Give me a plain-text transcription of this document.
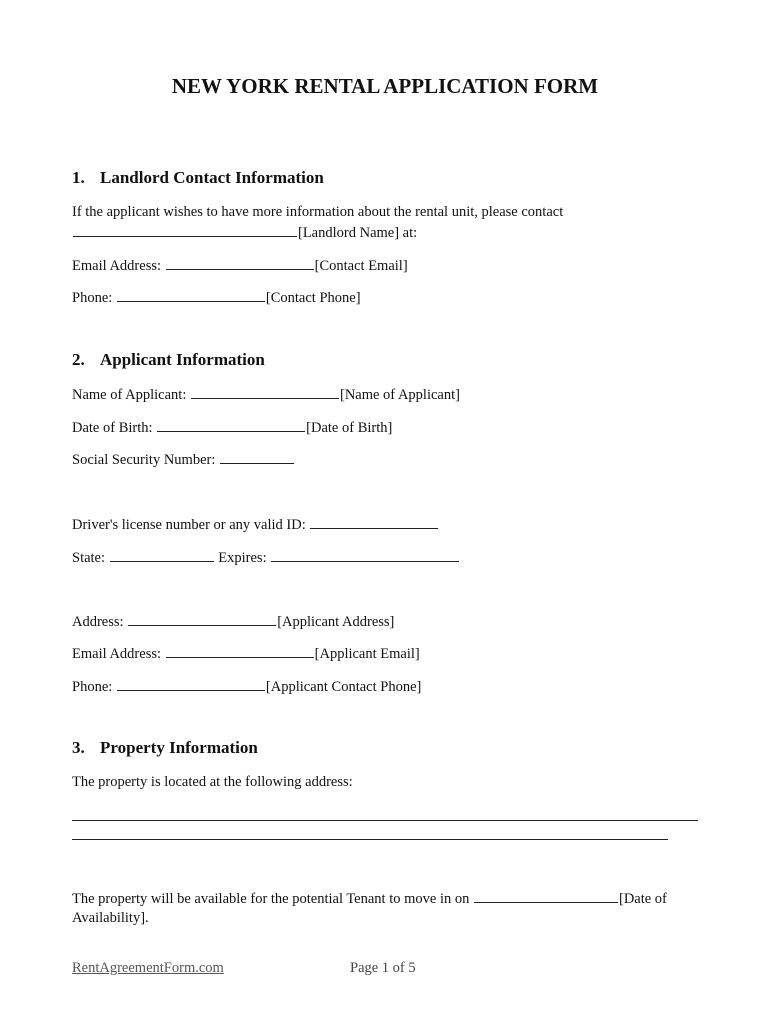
NEW YORK RENTAL APPLICATION FORM
1. Landlord Contact Information
If the applicant wishes to have more information about the rental unit, please contact
[Landlord Name] at:
Email Address:	[Contact Email]
Phone:	[Contact Phone]
2. Applicant Information
Name of Applicant:	[Name of Applicant]
Date of Birth:	[Date of Birth]
Social Security Number:
Driver's license number or any valid ID:
State:	Expires:
Address:	[Applicant Address]
Email Address:	[Applicant Email]
Phone:	[Applicant Contact Phone]
3. Property Information
The property is located at the following address:
The property will be available for the potential Tenant to move in on	[Date of
Availability].
RentAgreementForm.com	Page 1 of 5
